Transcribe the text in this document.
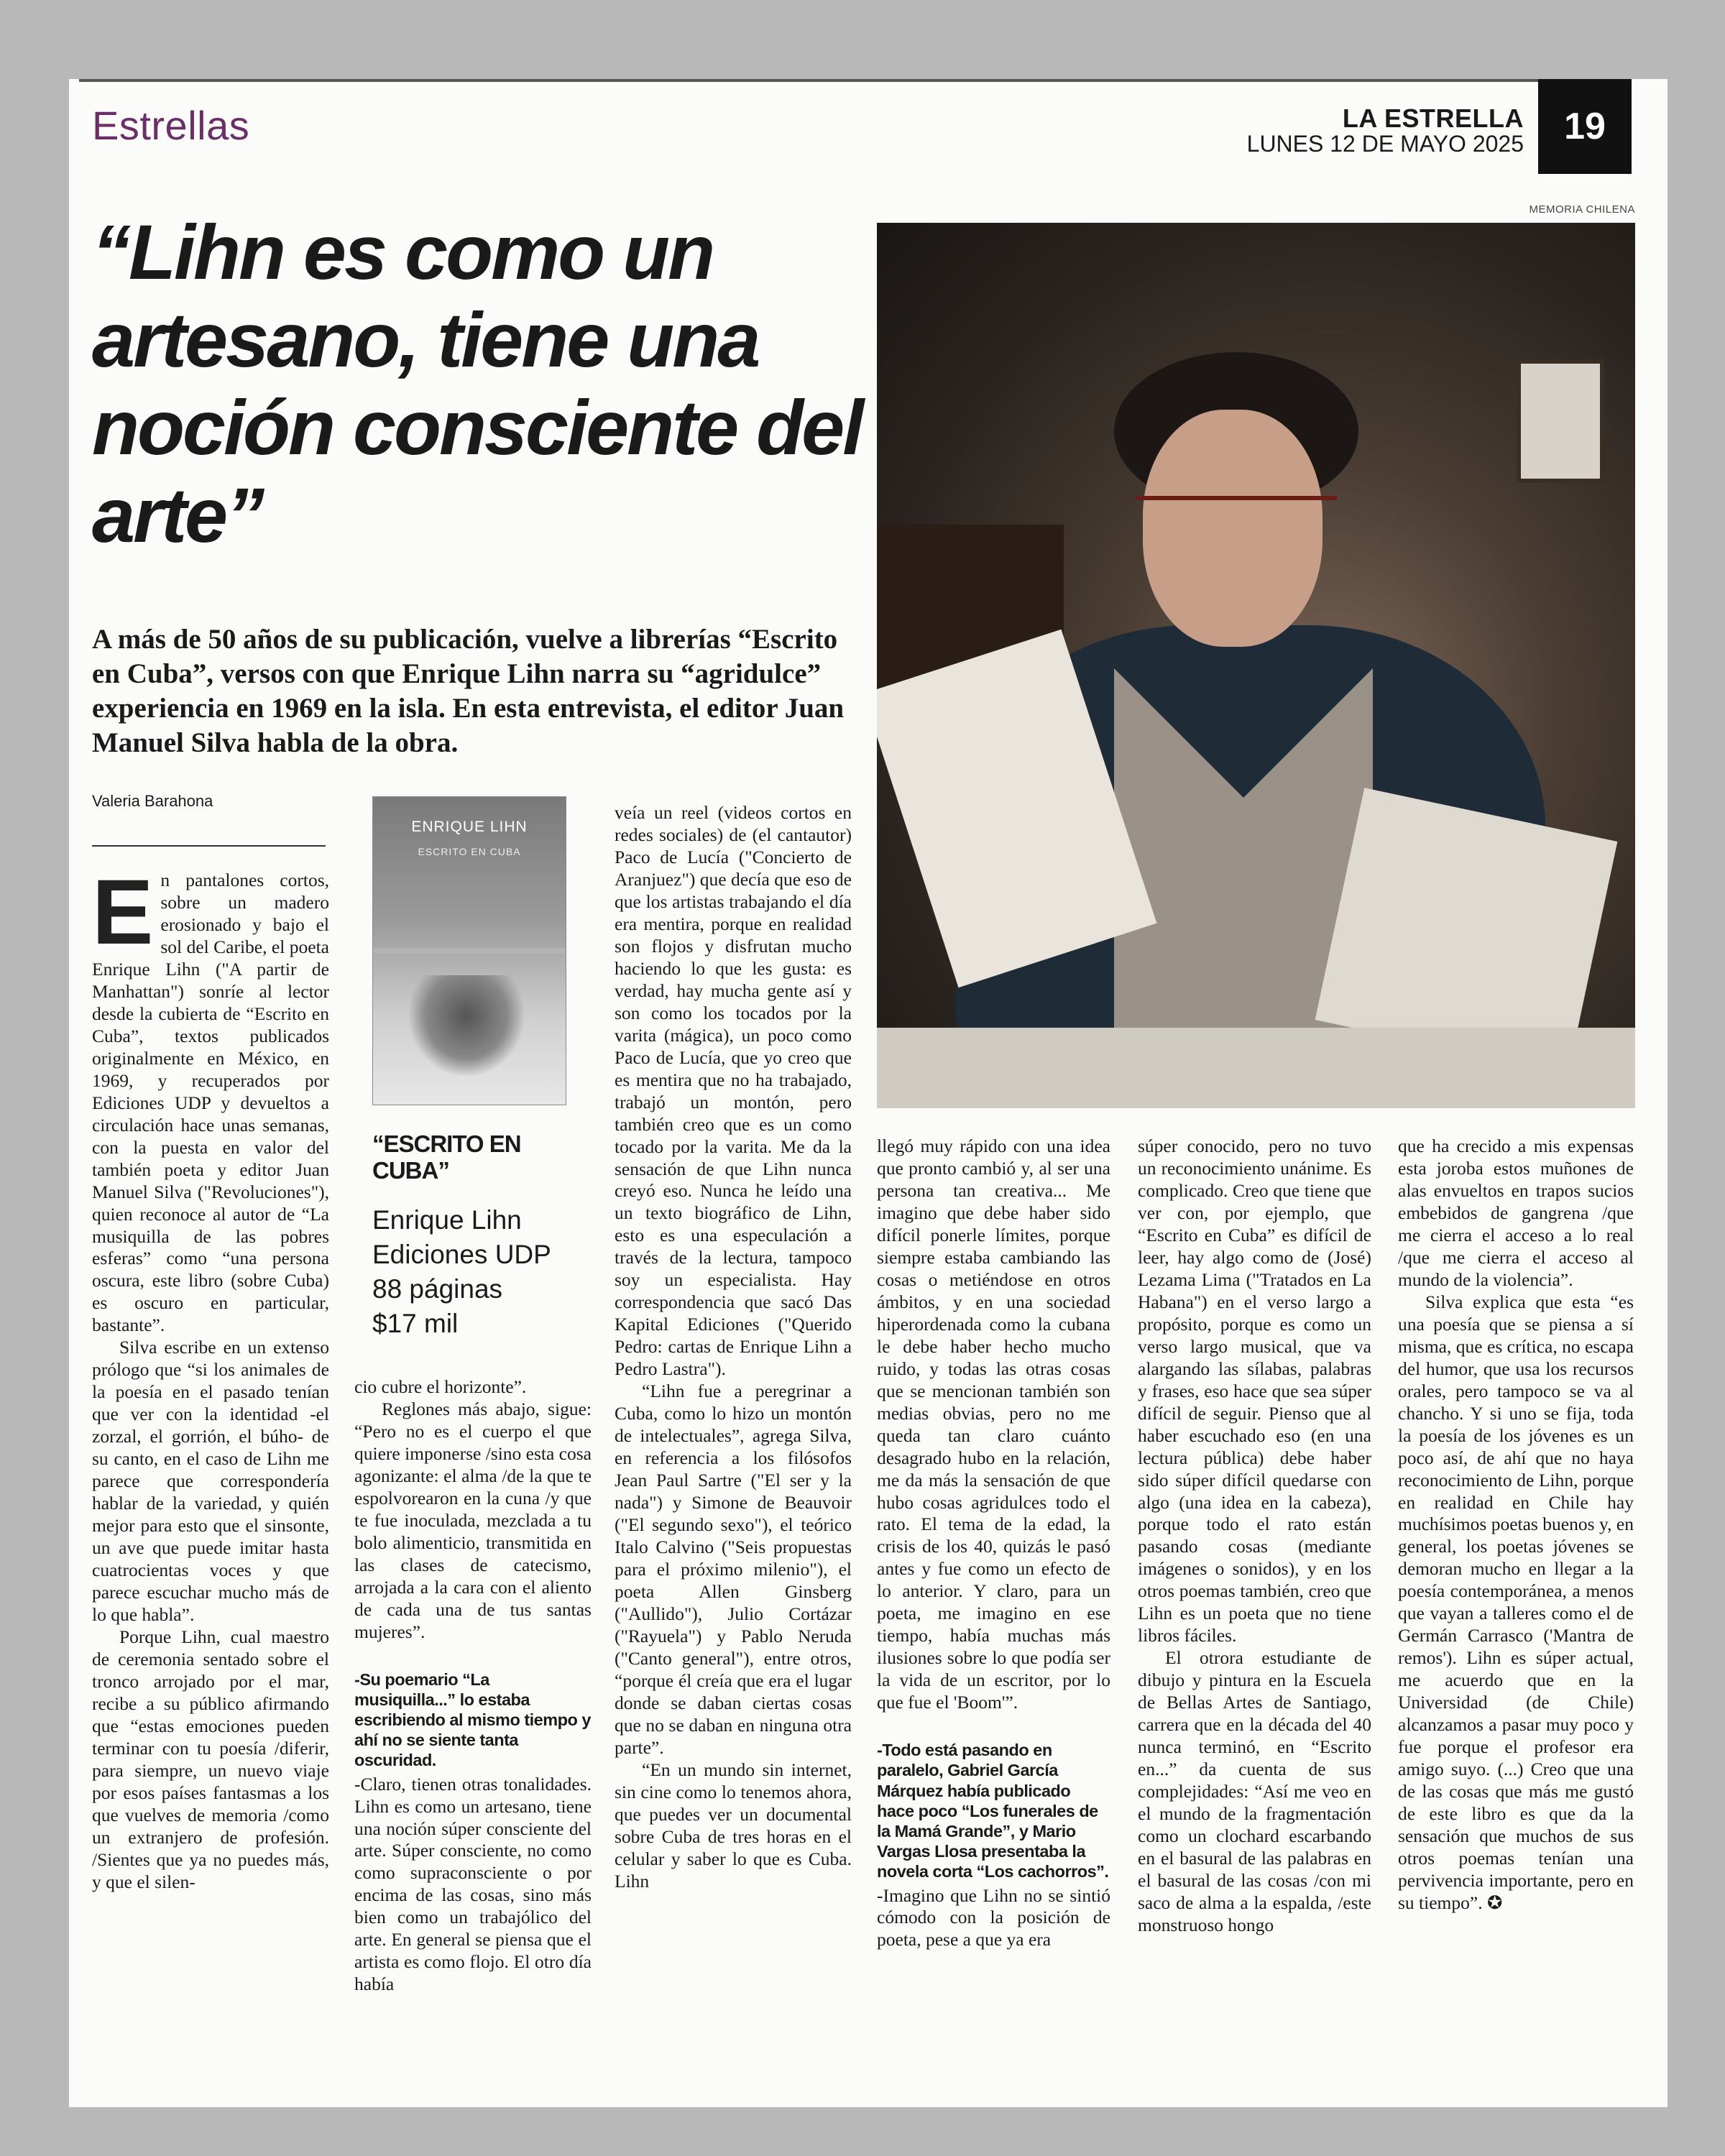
Estrellas	LA ESTRELLA
LUNES 12 DE MAYO 2025	19
MEMORIA CHILENA
“Lihn es como un artesano, tiene una noción consciente del arte”

A más de 50 años de su publicación, vuelve a librerías “Escrito en Cuba”, versos con que Enrique Lihn narra su “agridulce” experiencia en 1969 en la isla. En esta entrevista, el editor Juan Manuel Silva habla de la obra.

Valeria Barahona

En pantalones cortos, sobre un madero erosionado y bajo el sol del Caribe, el poeta Enrique Lihn ("A partir de Manhattan") sonríe al lector desde la cubierta de “Escrito en Cuba”, textos publicados originalmente en México, en 1969, y recuperados por Ediciones UDP y devueltos a circulación hace unas semanas, con la puesta en valor del también poeta y editor Juan Manuel Silva ("Revoluciones"), quien reconoce al autor de “La musiquilla de las pobres esferas” como “una persona oscura, este libro (sobre Cuba) es oscuro en particular, bastante”.

Silva escribe en un extenso prólogo que “si los animales de la poesía en el pasado tenían que ver con la identidad -el zorzal, el gorrión, el búho- de su canto, en el caso de Lihn me parece que correspondería hablar de la variedad, y quién mejor para esto que el sinsonte, un ave que puede imitar hasta cuatrocientas voces y que parece escuchar mucho más de lo que habla”.

Porque Lihn, cual maestro de ceremonia sentado sobre el tronco arrojado por el mar, recibe a su público afirmando que “estas emociones pueden terminar con tu poesía /diferir, para siempre, un nuevo viaje por esos países fantasmas a los que vuelves de memoria /como un extranjero de profesión. /Sientes que ya no puedes más, y que el silen-

ENRIQUE LIHN
ESCRITO EN CUBA
“ESCRITO EN CUBA”
Enrique Lihn
Ediciones UDP
88 páginas
$17 mil

cio cubre el horizonte”.

Reglones más abajo, sigue: “Pero no es el cuerpo el que quiere imponerse /sino esta cosa agonizante: el alma /de la que te espolvorearon en la cuna /y que te fue inoculada, mezclada a tu bolo alimenticio, transmitida en las clases de catecismo, arrojada a la cara con el aliento de cada una de tus santas mujeres”.

-Su poemario “La musiquilla...” lo estaba escribiendo al mismo tiempo y ahí no se siente tanta oscuridad.

-Claro, tienen otras tonalidades. Lihn es como un artesano, tiene una noción súper consciente del arte. Súper consciente, no como como supraconsciente o por encima de las cosas, sino más bien como un trabajólico del arte. En general se piensa que el artista es como flojo. El otro día había

veía un reel (videos cortos en redes sociales) de (el cantautor) Paco de Lucía ("Concierto de Aranjuez") que decía que eso de que los artistas trabajando el día era mentira, porque en realidad son flojos y disfrutan mucho haciendo lo que les gusta: es verdad, hay mucha gente así y son como los tocados por la varita (mágica), un poco como Paco de Lucía, que yo creo que es mentira que no ha trabajado, trabajó un montón, pero también creo que es un como tocado por la varita. Me da la sensación de que Lihn nunca creyó eso. Nunca he leído una un texto biográfico de Lihn, esto es una especulación a través de la lectura, tampoco soy un especialista. Hay correspondencia que sacó Das Kapital Ediciones ("Querido Pedro: cartas de Enrique Lihn a Pedro Lastra").

“Lihn fue a peregrinar a Cuba, como lo hizo un montón de intelectuales”, agrega Silva, en referencia a los filósofos Jean Paul Sartre ("El ser y la nada") y Simone de Beauvoir ("El segundo sexo"), el teórico Italo Calvino ("Seis propuestas para el próximo milenio"), el poeta Allen Ginsberg ("Aullido"), Julio Cortázar ("Rayuela") y Pablo Neruda ("Canto general"), entre otros, “porque él creía que era el lugar donde se daban ciertas cosas que no se daban en ninguna otra parte”.

“En un mundo sin internet, sin cine como lo tenemos ahora, que puedes ver un documental sobre Cuba de tres horas en el celular y saber lo que es Cuba. Lihn

llegó muy rápido con una idea que pronto cambió y, al ser una persona tan creativa... Me imagino que debe haber sido difícil ponerle límites, porque siempre estaba cambiando las cosas o metiéndose en otros ámbitos, y en una sociedad hiperordenada como la cubana le debe haber hecho mucho ruido, y todas las otras cosas que se mencionan también son medias obvias, pero no me queda tan claro cuánto desagrado hubo en la relación, me da más la sensación de que hubo cosas agridulces todo el rato. El tema de la edad, la crisis de los 40, quizás le pasó antes y fue como un efecto de lo anterior. Y claro, para un poeta, me imagino en ese tiempo, había muchas más ilusiones sobre lo que podía ser la vida de un escritor, por lo que fue el 'Boom'”.

-Todo está pasando en paralelo, Gabriel García Márquez había publicado hace poco “Los funerales de la Mamá Grande”, y Mario Vargas Llosa presentaba la novela corta “Los cachorros”.

-Imagino que Lihn no se sintió cómodo con la posición de poeta, pese a que ya era

súper conocido, pero no tuvo un reconocimiento unánime. Es complicado. Creo que tiene que ver con, por ejemplo, que “Escrito en Cuba” es difícil de leer, hay algo como de (José) Lezama Lima ("Tratados en La Habana") en el verso largo a propósito, porque es como un verso largo musical, que va alargando las sílabas, palabras y frases, eso hace que sea súper difícil de seguir. Pienso que al haber escuchado eso (en una lectura pública) debe haber sido súper difícil quedarse con algo (una idea en la cabeza), porque todo el rato están pasando cosas (mediante imágenes o sonidos), y en los otros poemas también, creo que Lihn es un poeta que no tiene libros fáciles.

El otrora estudiante de dibujo y pintura en la Escuela de Bellas Artes de Santiago, carrera que en la década del 40 nunca terminó, en “Escrito en...” da cuenta de sus complejidades: “Así me veo en el mundo de la fragmentación como un clochard escarbando en el basural de las palabras en el basural de las cosas /con mi saco de alma a la espalda, /este monstruoso hongo

que ha crecido a mis expensas esta joroba estos muñones de alas envueltos en trapos sucios embebidos de gangrena /que me cierra el acceso a lo real /que me cierra el acceso al mundo de la violencia”.

Silva explica que esta “es una poesía que se piensa a sí misma, que es crítica, no escapa del humor, que usa los recursos orales, pero tampoco se va al chancho. Y si uno se fija, toda la poesía de los jóvenes es un poco así, de ahí que no haya reconocimiento de Lihn, porque en realidad en Chile hay muchísimos poetas buenos y, en general, los poetas jóvenes se demoran mucho en llegar a la poesía contemporánea, a menos que vayan a talleres como el de Germán Carrasco ('Mantra de remos'). Lihn es súper actual, me acuerdo que en la Universidad (de Chile) alcanzamos a pasar muy poco y fue porque el profesor era amigo suyo. (...) Creo que una de las cosas que más me gustó de este libro es que da la sensación que muchos de sus otros poemas tenían una pervivencia importante, pero en su tiempo”. ✪
